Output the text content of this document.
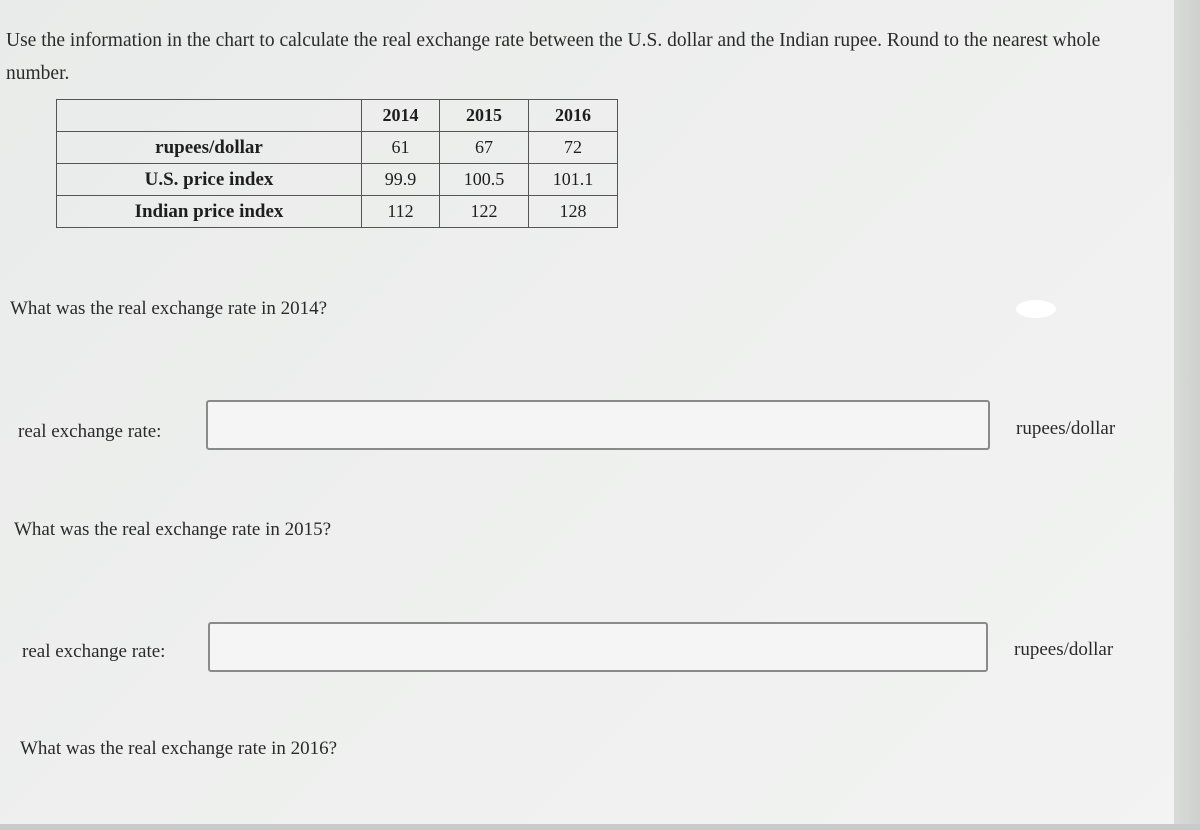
Use the information in the chart to calculate the real exchange rate between the U.S. dollar and the Indian rupee. Round to the nearest whole number.
	2014	2015	2016
rupees/dollar	61	67	72
U.S. price index	99.9	100.5	101.1
Indian price index	112	122	128
What was the real exchange rate in 2014?
real exchange rate:	rupees/dollar
What was the real exchange rate in 2015?
real exchange rate:	rupees/dollar
What was the real exchange rate in 2016?
